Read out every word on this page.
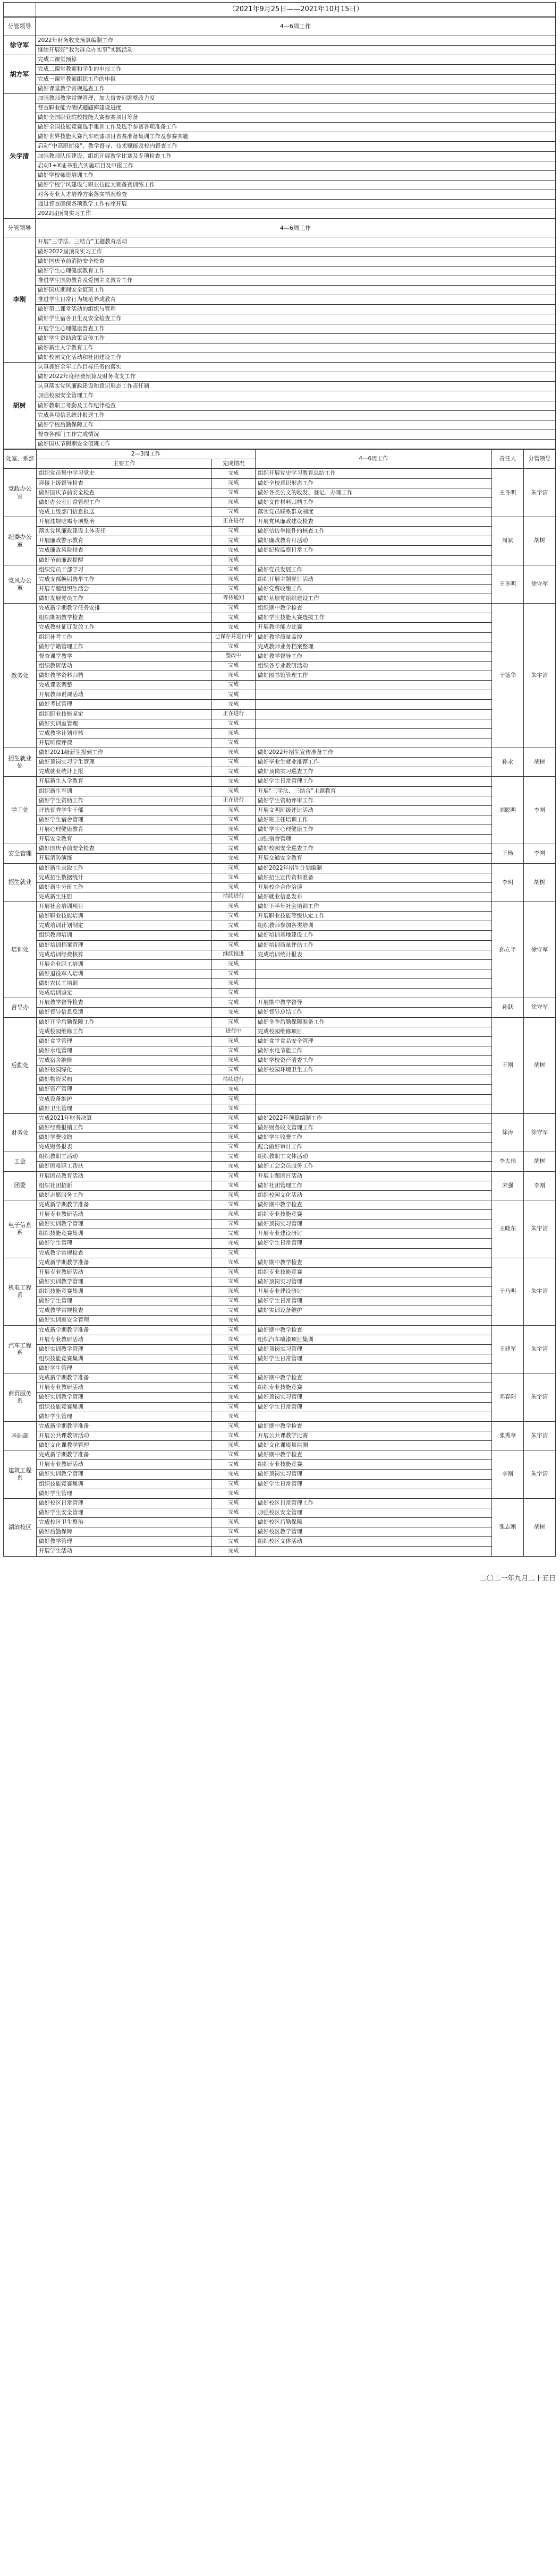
（2021年9月25日——2021年10月15日）
分管领导	4—6周工作
徐守军	2022年财务收支预算编制工作
	继续开展好“我为群众办实事”实践活动
胡方军	完成二课堂预算
	完成二课堂教师和学生的申报工作
	完成一课堂教师组织工作的申报
	做好课堂教学常规巡查工作
朱宇清	加强教师教学常规管理，加大督查问题整改力度
	督查职业能力测试题题库建设进度
	做好全国职业院校技能大赛参赛项目筹备
	做好全国技能竞赛选手集训工作及选手参赛各项准备工作
	做好世界技能大赛汽车喷漆项目省赛准备集训工作及参赛实施
	启动“中高职衔接”、教学督导、技术赋能及校内督查工作
	加强教师队伍建设，组织开展教学比赛及专项检查工作
	启动1+X证书重点实施项目及申报工作
	做好学校师资培训工作
	做好学校学风建设与职业技能大赛备赛训练工作
	对各专业人才培养方案落实情况检查
	通过督查确保各项教学工作有序开展
	2022届顶岗实习工作
分管领导	4—6周工作
李刚	开展“三学法、三结合”主题教育活动
	做好2022届顶岗实习工作
	做好国庆节前消防安全检查
	做好学生心理健康教育工作
	推进学生国防教育及爱国主义教育工作
	做好国庆期间安全值班工作
	推进学生日常行为规范养成教育
	做好第二课堂活动的组织与管理
	做好学生宿舍卫生及安全检查工作
	开展学生心理健康普查工作
	做好学生资助政策宣传工作
	做好新生入学教育工作
	做好校园文化活动和社团建设工作
胡树	认真抓好全年工作目标任务的落实
	做好2022年度经费预算及财务收支工作
	认真落实党风廉政建设和意识形态工作责任制
	加强校园安全管理工作
	做好教职工考勤及工作纪律检查
	完成各项信息统计报送工作
	做好学校后勤保障工作
	督查各部门工作完成情况
	做好国庆节假期安全值班工作
处室、系部	2—3周工作		4—6周工作	责任人	分管领导
	主要工作	完成情况			
党政办公室	组织党员集中学习党史	完成	组织开展党史学习教育总结工作	王冬明	朱宇清
	迎接上级督导检查	完成	做好全校意识形态工作		
	做好国庆节前安全检查	完成	做好各类公文的收发、登记、办理工作		
	做好办公室日常管理工作	完成	做好文件材料归档工作		
	完成上级部门信息报送	完成	落实党员联系群众制度		
纪委办公室	开展违规吃喝专项整治	正在进行	开展党风廉政建设检查	周斌	胡树
	落实党风廉政建设主体责任	完成	做好信访举报件的核查工作		
	开展廉政警示教育	完成	做好廉政教育月活动		
	完成廉政风险排查	完成	做好纪检监察日常工作		
	做好节前廉政提醒	完成			
党风办公室	组织党员干部学习	完成	做好党员发展工作	王冬明	徐守军
	完成支部换届选举工作	完成	组织开展主题党日活动		
	开展专题组织生活会	完成	做好党费收缴工作		
	做好发展党员工作	等待通知	做好基层党组织建设工作		
教务处	完成新学期教学任务安排	完成	组织期中教学检查	于德华	朱宇清
	组织期初教学检查	完成	做好学生技能大赛选拔工作		
	完成教材征订发放工作	完成	开展教学能力比赛		
	组织补考工作	已保存并进行中	做好教学质量监控		
	做好学籍管理工作	完成	完成教师业务档案整理		
	督查课堂教学	整改中	做好教学督导工作		
	组织教研活动	完成	组织各专业教研活动		
	做好教学资料归档	完成	做好图书馆管理工作		
	完成课表调整	完成			
	开展教师说课活动	完成			
	做好考试管理	完成			
	组织职业技能鉴定	正在进行			
	做好实训室管理	完成			
	完成教学计划审核	完成			
	开展听课评课	完成			
招生就业处	做好2021级新生报到工作	完成	做好2022年招生宣传准备工作	孙永	胡树
	做好顶岗实习学生管理	完成	做好毕业生就业推荐工作		
	完成就业统计上报	完成	做好顶岗实习巡查工作		
学工处	开展新生入学教育	完成	做好学生日常管理工作	刘聪明	李刚
	组织新生军训	完成	开展“三学法、三结合”主题教育		
	做好学生资助工作	正在进行	做好学生资助评审工作		
	评选优秀学生干部	完成	开展文明班级评比活动		
	做好学生宿舍管理	完成	做好班主任培训工作		
	开展心理健康教育	完成	做好学生心理健康工作		
	开展安全教育	完成	加强宿舍管理		
安全管理	做好国庆节前安全检查	完成	做好校园安全巡查工作	王杨	李刚
	开展消防演练	完成	开展交通安全教育		
招生就业	做好新生录取工作	完成	做好2022年招生计划编制	李明	胡树
	完成招生数据统计	完成	做好招生宣传资料准备		
	做好新生分班工作	完成	开展校企合作洽谈		
	完成新生注册	持续进行	做好就业信息发布		
培训处	开展社会培训项目	完成	做好下半年社会培训工作	孙立平	徐守军
	做好职业技能培训	完成	开展职业技能等级认定工作		
	完成培训计划制定	完成	组织教师参加各类培训		
	组织教师培训	完成	做好培训基地建设工作		
	做好培训档案管理	完成	做好培训质量评估工作		
	完成培训经费核算	继续推进	完成培训统计报表		
	开展企业职工培训	完成			
	做好退役军人培训	完成			
	做好农民工培训	完成			
	完成培训鉴定	完成			
督导办	开展教学督导检查	完成	开展期中教学督导	孙跃	徐守军
	做好督导信息反馈	完成	做好督导总结工作		
后勤处	做好开学后勤保障工作	完成	做好冬季后勤保障准备工作	王刚	胡树
	完成校园维修工作	进行中	完成校园维修项目		
	做好食堂管理	完成	做好食堂食品安全管理		
	做好水电管理	完成	做好水电节能工作		
	完成宿舍维修	完成	做好学校资产清查工作		
	做好校园绿化	完成	做好校园环境卫生工作		
	做好物资采购	持续进行			
	做好资产管理	完成			
	完成设备维护	完成			
	做好卫生管理	完成			
财务处	完成2021年财务决算	完成	做好2022年预算编制工作	徐涛	徐守军
	做好经费报销工作	完成	做好财务收支管理工作		
	做好学费收缴	完成	做好学生收费工作		
	完成财务报表	完成	配合做好审计工作		
工会	组织教职工活动	完成	组织教职工文体活动	李大伟	胡树
	做好困难职工帮扶	完成	做好工会会员服务工作		
团委	开展团员教育活动	完成	开展主题团日活动	宋强	李刚
	组织社团招新	完成	做好社团管理工作		
	做好志愿服务工作	完成	组织校园文化活动		
电子信息系	完成新学期教学准备	完成	做好期中教学检查	王晓东	朱宇清
	开展专业教研活动	完成	组织专业技能竞赛		
	做好实训教学管理	完成	做好顶岗实习管理		
	组织技能竞赛集训	完成	开展专业建设研讨		
	做好学生管理	完成	做好学生日常管理		
	完成教学常规检查	完成			
机电工程系	完成新学期教学准备	完成	做好期中教学检查	于乃明	朱宇清
	开展专业教研活动	完成	组织专业技能竞赛		
	做好实训教学管理	完成	做好顶岗实习管理		
	组织技能竞赛集训	完成	开展专业建设研讨		
	做好学生管理	完成	做好学生日常管理		
	完成教学常规检查	完成	做好实训设备维护		
	做好实训室安全管理	完成			
汽车工程系	完成新学期教学准备	完成	做好期中教学检查	王建军	朱宇清
	开展专业教研活动	完成	组织汽车喷漆项目集训		
	做好实训教学管理	完成	做好顶岗实习管理		
	组织技能竞赛集训	完成	做好学生日常管理		
	做好学生管理	完成			
商贸服务系	完成新学期教学准备	完成	做好期中教学检查	邓春阳	朱宇清
	开展专业教研活动	完成	组织专业技能竞赛		
	做好实训教学管理	完成	做好顶岗实习管理		
	组织技能竞赛集训	完成	做好学生日常管理		
	做好学生管理	完成			
基础部	完成新学期教学准备	完成	做好期中教学检查	张秀章	朱宇清
	开展公共课教研活动	完成	开展公共课教学比赛		
	做好文化课教学管理	完成	做好文化课质量监测		
建筑工程系	完成新学期教学准备	完成	做好期中教学检查	李刚	朱宇清
	开展专业教研活动	完成	组织专业技能竞赛		
	做好实训教学管理	完成	做好顶岗实习管理		
	组织技能竞赛集训	完成	做好学生日常管理		
	做好学生管理	完成			
湖滨校区	做好校区日常管理	完成	做好校区日常管理工作	张志刚	胡树
	做好学生安全管理	完成	加强校区安全管理		
	完成校区卫生整治	完成	做好校区后勤保障		
	做好后勤保障	完成	做好校区教学管理		
	做好教学管理	完成	组织校区文体活动		
	开展学生活动	完成			
二〇二一年九月二十五日
